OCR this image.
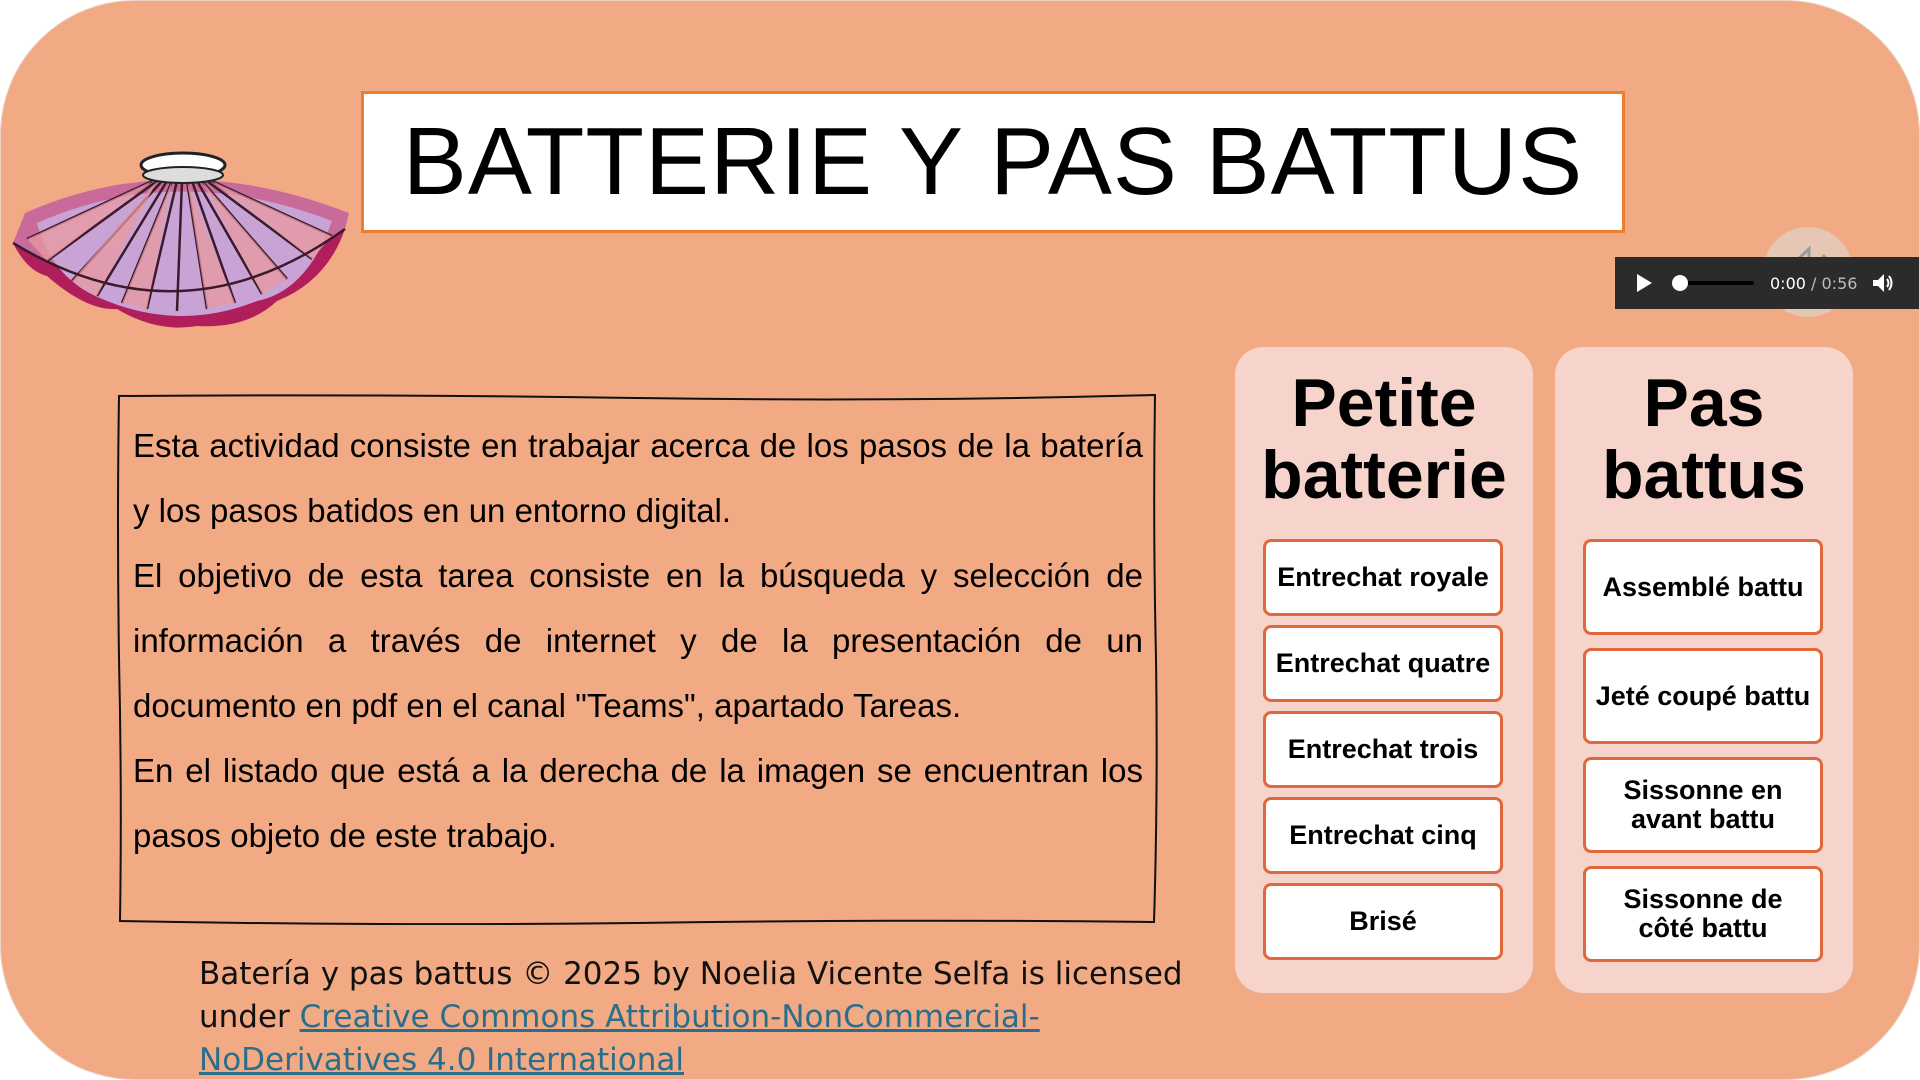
BATTERIE Y PAS BATTUS
0:00 / 0:56

Esta actividad consiste en trabajar acerca de los pasos de la batería y los pasos batidos en un entorno digital.

El objetivo de esta tarea consiste en la búsqueda y selección de información a través de internet y de la presentación de un documento en pdf en el canal "Teams", apartado Tareas.

En el listado que está a la derecha de la imagen se encuentran los pasos objeto de este trabajo.

Batería y pas battus © 2025 by Noelia Vicente Selfa is licensed under Creative Commons Attribution-NonCommercial-NoDerivatives 4.0 International
Petite batterie
Entrechat royale
Entrechat quatre
Entrechat trois
Entrechat cinq
Brisé
Pas battus
Assemblé battu
Jeté coupé battu
Sissonne en avant battu
Sissonne de côté battu
